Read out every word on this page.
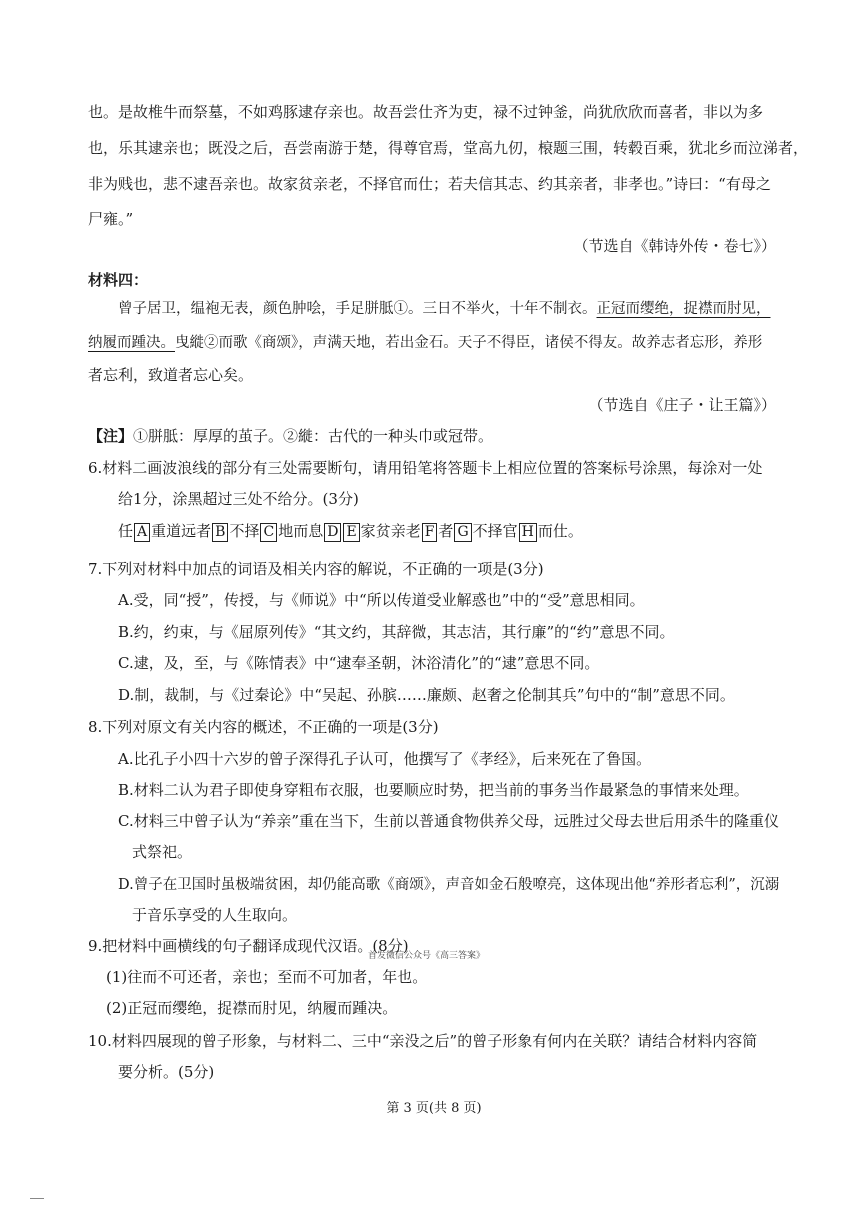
也。是故椎牛而祭墓，不如鸡豚逮存亲也。故吾尝仕齐为吏，禄不过钟釜，尚犹欣欣而喜者，非以为多
也，乐其逮亲也；既没之后，吾尝南游于楚，得尊官焉，堂高九仞，榱题三围，转毂百乘，犹北乡而泣涕者，
非为贱也，悲不逮吾亲也。故家贫亲老，不择官而仕；若夫信其志、约其亲者，非孝也。”诗曰：“有母之
尸雍。”
（节选自《韩诗外传・卷七》）
材料四：
曾子居卫，缊袍无表，颜色肿哙，手足胼胝①。三日不举火，十年不制衣。正冠而缨绝，捉襟而肘见，
纳履而踵决。曳縰②而歌《商颂》，声满天地，若出金石。天子不得臣，诸侯不得友。故养志者忘形，养形
者忘利，致道者忘心矣。
（节选自《庄子・让王篇》）
【注】①胼胝：厚厚的茧子。②縰：古代的一种头巾或冠带。
6.材料二画波浪线的部分有三处需要断句，请用铅笔将答题卡上相应位置的答案标号涂黑，每涂对一处
给1分，涂黑超过三处不给分。(3分)
任 A 重道远者 B 不择 C 地而息 D E 家贫亲老 F 者 G 不择官 H 而仕。
7.下列对材料中加点的词语及相关内容的解说，不正确的一项是(3分)
A.受，同“授”，传授，与《师说》中“所以传道受业解惑也”中的“受”意思相同。
B.约，约束，与《屈原列传》“其文约，其辞微，其志洁，其行廉”的“约”意思不同。
C.逮，及，至，与《陈情表》中“逮奉圣朝，沐浴清化”的“逮”意思不同。
D.制，裁制，与《过秦论》中“吴起、孙膑……廉颇、赵奢之伦制其兵”句中的“制”意思不同。
8.下列对原文有关内容的概述，不正确的一项是(3分)
A.比孔子小四十六岁的曾子深得孔子认可，他撰写了《孝经》，后来死在了鲁国。
B.材料二认为君子即使身穿粗布衣服，也要顺应时势，把当前的事务当作最紧急的事情来处理。
C.材料三中曾子认为“养亲”重在当下，生前以普通食物供养父母，远胜过父母去世后用杀牛的隆重仪
式祭祀。
D.曾子在卫国时虽极端贫困，却仍能高歌《商颂》，声音如金石般嘹亮，这体现出他“养形者忘利”，沉溺
于音乐享受的人生取向。
9.把材料中画横线的句子翻译成现代汉语。(8分)
首发微信公众号《高三答案》
(1)往而不可还者，亲也；至而不可加者，年也。
(2)正冠而缨绝，捉襟而肘见，纳履而踵决。
10.材料四展现的曾子形象，与材料二、三中“亲没之后”的曾子形象有何内在关联？请结合材料内容简
要分析。(5分)
第 3 页(共 8 页)
